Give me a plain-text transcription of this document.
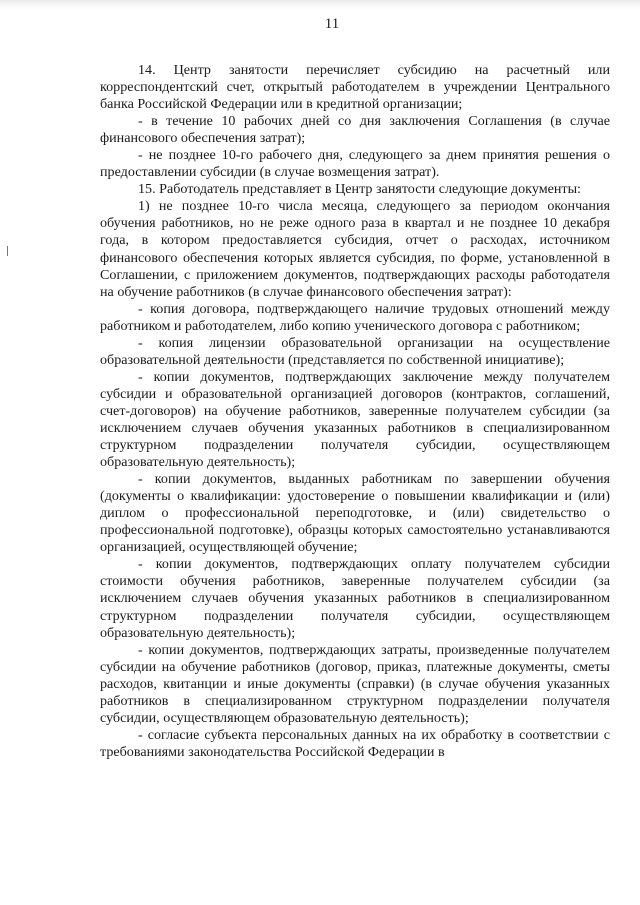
11

14. Центр занятости перечисляет субсидию на расчетный или корреспондентский счет, открытый работодателем в учреждении Центрального банка Российской Федерации или в кредитной организации;

- в течение 10 рабочих дней со дня заключения Соглашения (в случае финансового обеспечения затрат);

- не позднее 10-го рабочего дня, следующего за днем принятия решения о предоставлении субсидии (в случае возмещения затрат).

15. Работодатель представляет в Центр занятости следующие документы:

1) не позднее 10-го числа месяца, следующего за периодом окончания обучения работников, но не реже одного раза в квартал и не позднее 10 декабря года, в котором предоставляется субсидия, отчет о расходах, источником финансового обеспечения которых является субсидия, по форме, установленной в Соглашении, с приложением документов, подтверждающих расходы работодателя на обучение работников (в случае финансового обеспечения затрат):

- копия договора, подтверждающего наличие трудовых отношений между работником и работодателем, либо копию ученического договора с работником;

- копия лицензии образовательной организации на осуществление образовательной деятельности (представляется по собственной инициативе);

- копии документов, подтверждающих заключение между получателем субсидии и образовательной организацией договоров (контрактов, соглашений, счет-договоров) на обучение работников, заверенные получателем субсидии (за исключением случаев обучения указанных работников в специализированном структурном подразделении получателя субсидии, осуществляющем образовательную деятельность);

- копии документов, выданных работникам по завершении обучения (документы о квалификации: удостоверение о повышении квалификации и (или) диплом о профессиональной переподготовке, и (или) свидетельство о профессиональной подготовке), образцы которых самостоятельно устанавливаются организацией, осуществляющей обучение;

- копии документов, подтверждающих оплату получателем субсидии стоимости обучения работников, заверенные получателем субсидии (за исключением случаев обучения указанных работников в специализированном структурном подразделении получателя субсидии, осуществляющем образовательную деятельность);

- копии документов, подтверждающих затраты, произведенные получателем субсидии на обучение работников (договор, приказ, платежные документы, сметы расходов, квитанции и иные документы (справки) (в случае обучения указанных работников в специализированном структурном подразделении получателя субсидии, осуществляющем образовательную деятельность);

- согласие субъекта персональных данных на их обработку в соответствии с требованиями законодательства Российской Федерации в
